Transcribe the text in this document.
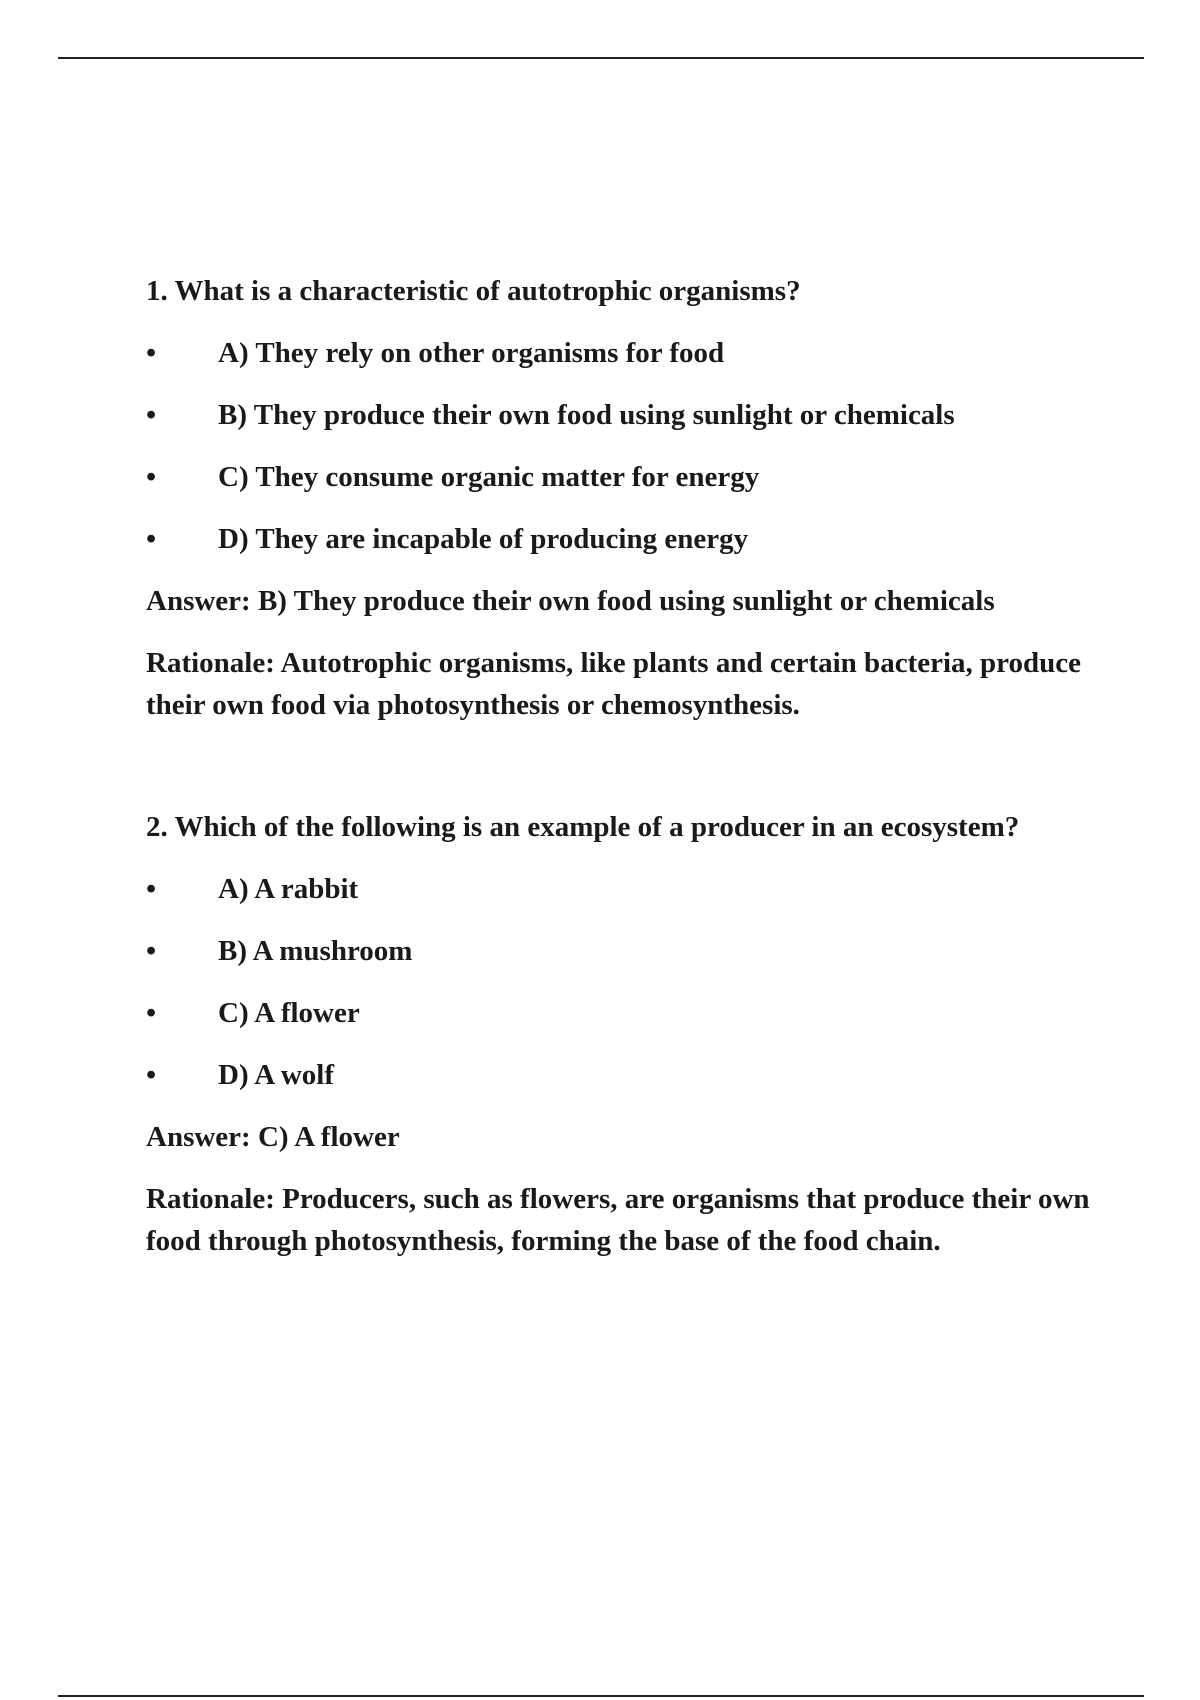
1. What is a characteristic of autotrophic organisms?

• A) They rely on other organisms for food
• B) They produce their own food using sunlight or chemicals
• C) They consume organic matter for energy
• D) They are incapable of producing energy

Answer: B) They produce their own food using sunlight or chemicals

Rationale: Autotrophic organisms, like plants and certain bacteria, produce their own food via photosynthesis or chemosynthesis.

2. Which of the following is an example of a producer in an ecosystem?

• A) A rabbit
• B) A mushroom
• C) A flower
• D) A wolf

Answer: C) A flower

Rationale: Producers, such as flowers, are organisms that produce their own food through photosynthesis, forming the base of the food chain.
